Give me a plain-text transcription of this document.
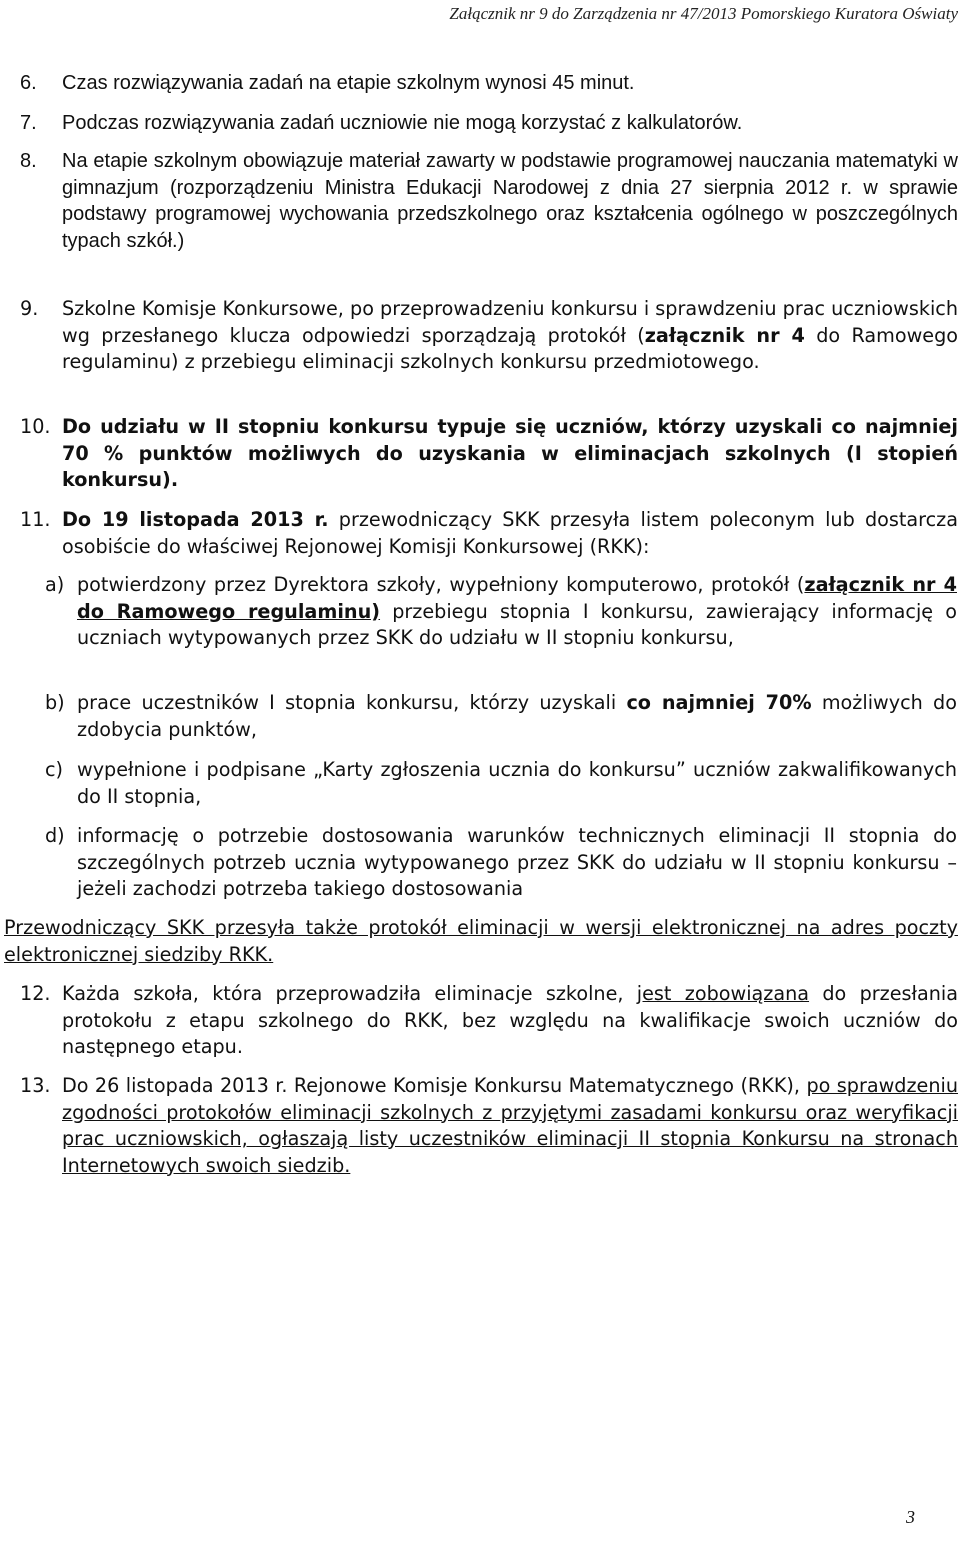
Załącznik nr 9 do Zarządzenia nr 47/2013 Pomorskiego Kuratora Oświaty
6. Czas rozwiązywania zadań na etapie szkolnym wynosi 45 minut.
7. Podczas rozwiązywania zadań uczniowie nie mogą korzystać z kalkulatorów.
8. Na etapie szkolnym obowiązuje materiał zawarty w podstawie programowej nauczania matematyki w gimnazjum (rozporządzeniu Ministra Edukacji Narodowej z dnia 27 sierpnia 2012 r. w sprawie podstawy programowej wychowania przedszkolnego oraz kształcenia ogólnego w poszczególnych typach szkół.)
9. Szkolne Komisje Konkursowe, po przeprowadzeniu konkursu i sprawdzeniu prac uczniowskich wg przesłanego klucza odpowiedzi sporządzają protokół (załącznik nr 4 do Ramowego regulaminu) z przebiegu eliminacji szkolnych konkursu przedmiotowego.
10. Do udziału w II stopniu konkursu typuje się uczniów, którzy uzyskali co najmniej 70 % punktów możliwych do uzyskania w eliminacjach szkolnych (I stopień konkursu).
11. Do 19 listopada 2013 r. przewodniczący SKK przesyła listem poleconym lub dostarcza osobiście do właściwej Rejonowej Komisji Konkursowej (RKK):
a) potwierdzony przez Dyrektora szkoły, wypełniony komputerowo, protokół (załącznik nr 4 do Ramowego regulaminu) przebiegu stopnia I konkursu, zawierający informację o uczniach wytypowanych przez SKK do udziału w II stopniu konkursu,
b) prace uczestników I stopnia konkursu, którzy uzyskali co najmniej 70% możliwych do zdobycia punktów,
c) wypełnione i podpisane „Karty zgłoszenia ucznia do konkursu” uczniów zakwalifikowanych do II stopnia,
d) informację o potrzebie dostosowania warunków technicznych eliminacji II stopnia do szczególnych potrzeb ucznia wytypowanego przez SKK do udziału w II stopniu konkursu – jeżeli zachodzi potrzeba takiego dostosowania
Przewodniczący SKK przesyła także protokół eliminacji w wersji elektronicznej na adres poczty elektronicznej siedziby RKK.
12. Każda szkoła, która przeprowadziła eliminacje szkolne, jest zobowiązana do przesłania protokołu z etapu szkolnego do RKK, bez względu na kwalifikacje swoich uczniów do następnego etapu.
13. Do 26 listopada 2013 r. Rejonowe Komisje Konkursu Matematycznego (RKK), po sprawdzeniu zgodności protokołów eliminacji szkolnych z przyjętymi zasadami konkursu oraz weryfikacji prac uczniowskich, ogłaszają listy uczestników eliminacji II stopnia Konkursu na stronach Internetowych swoich siedzib.
3
